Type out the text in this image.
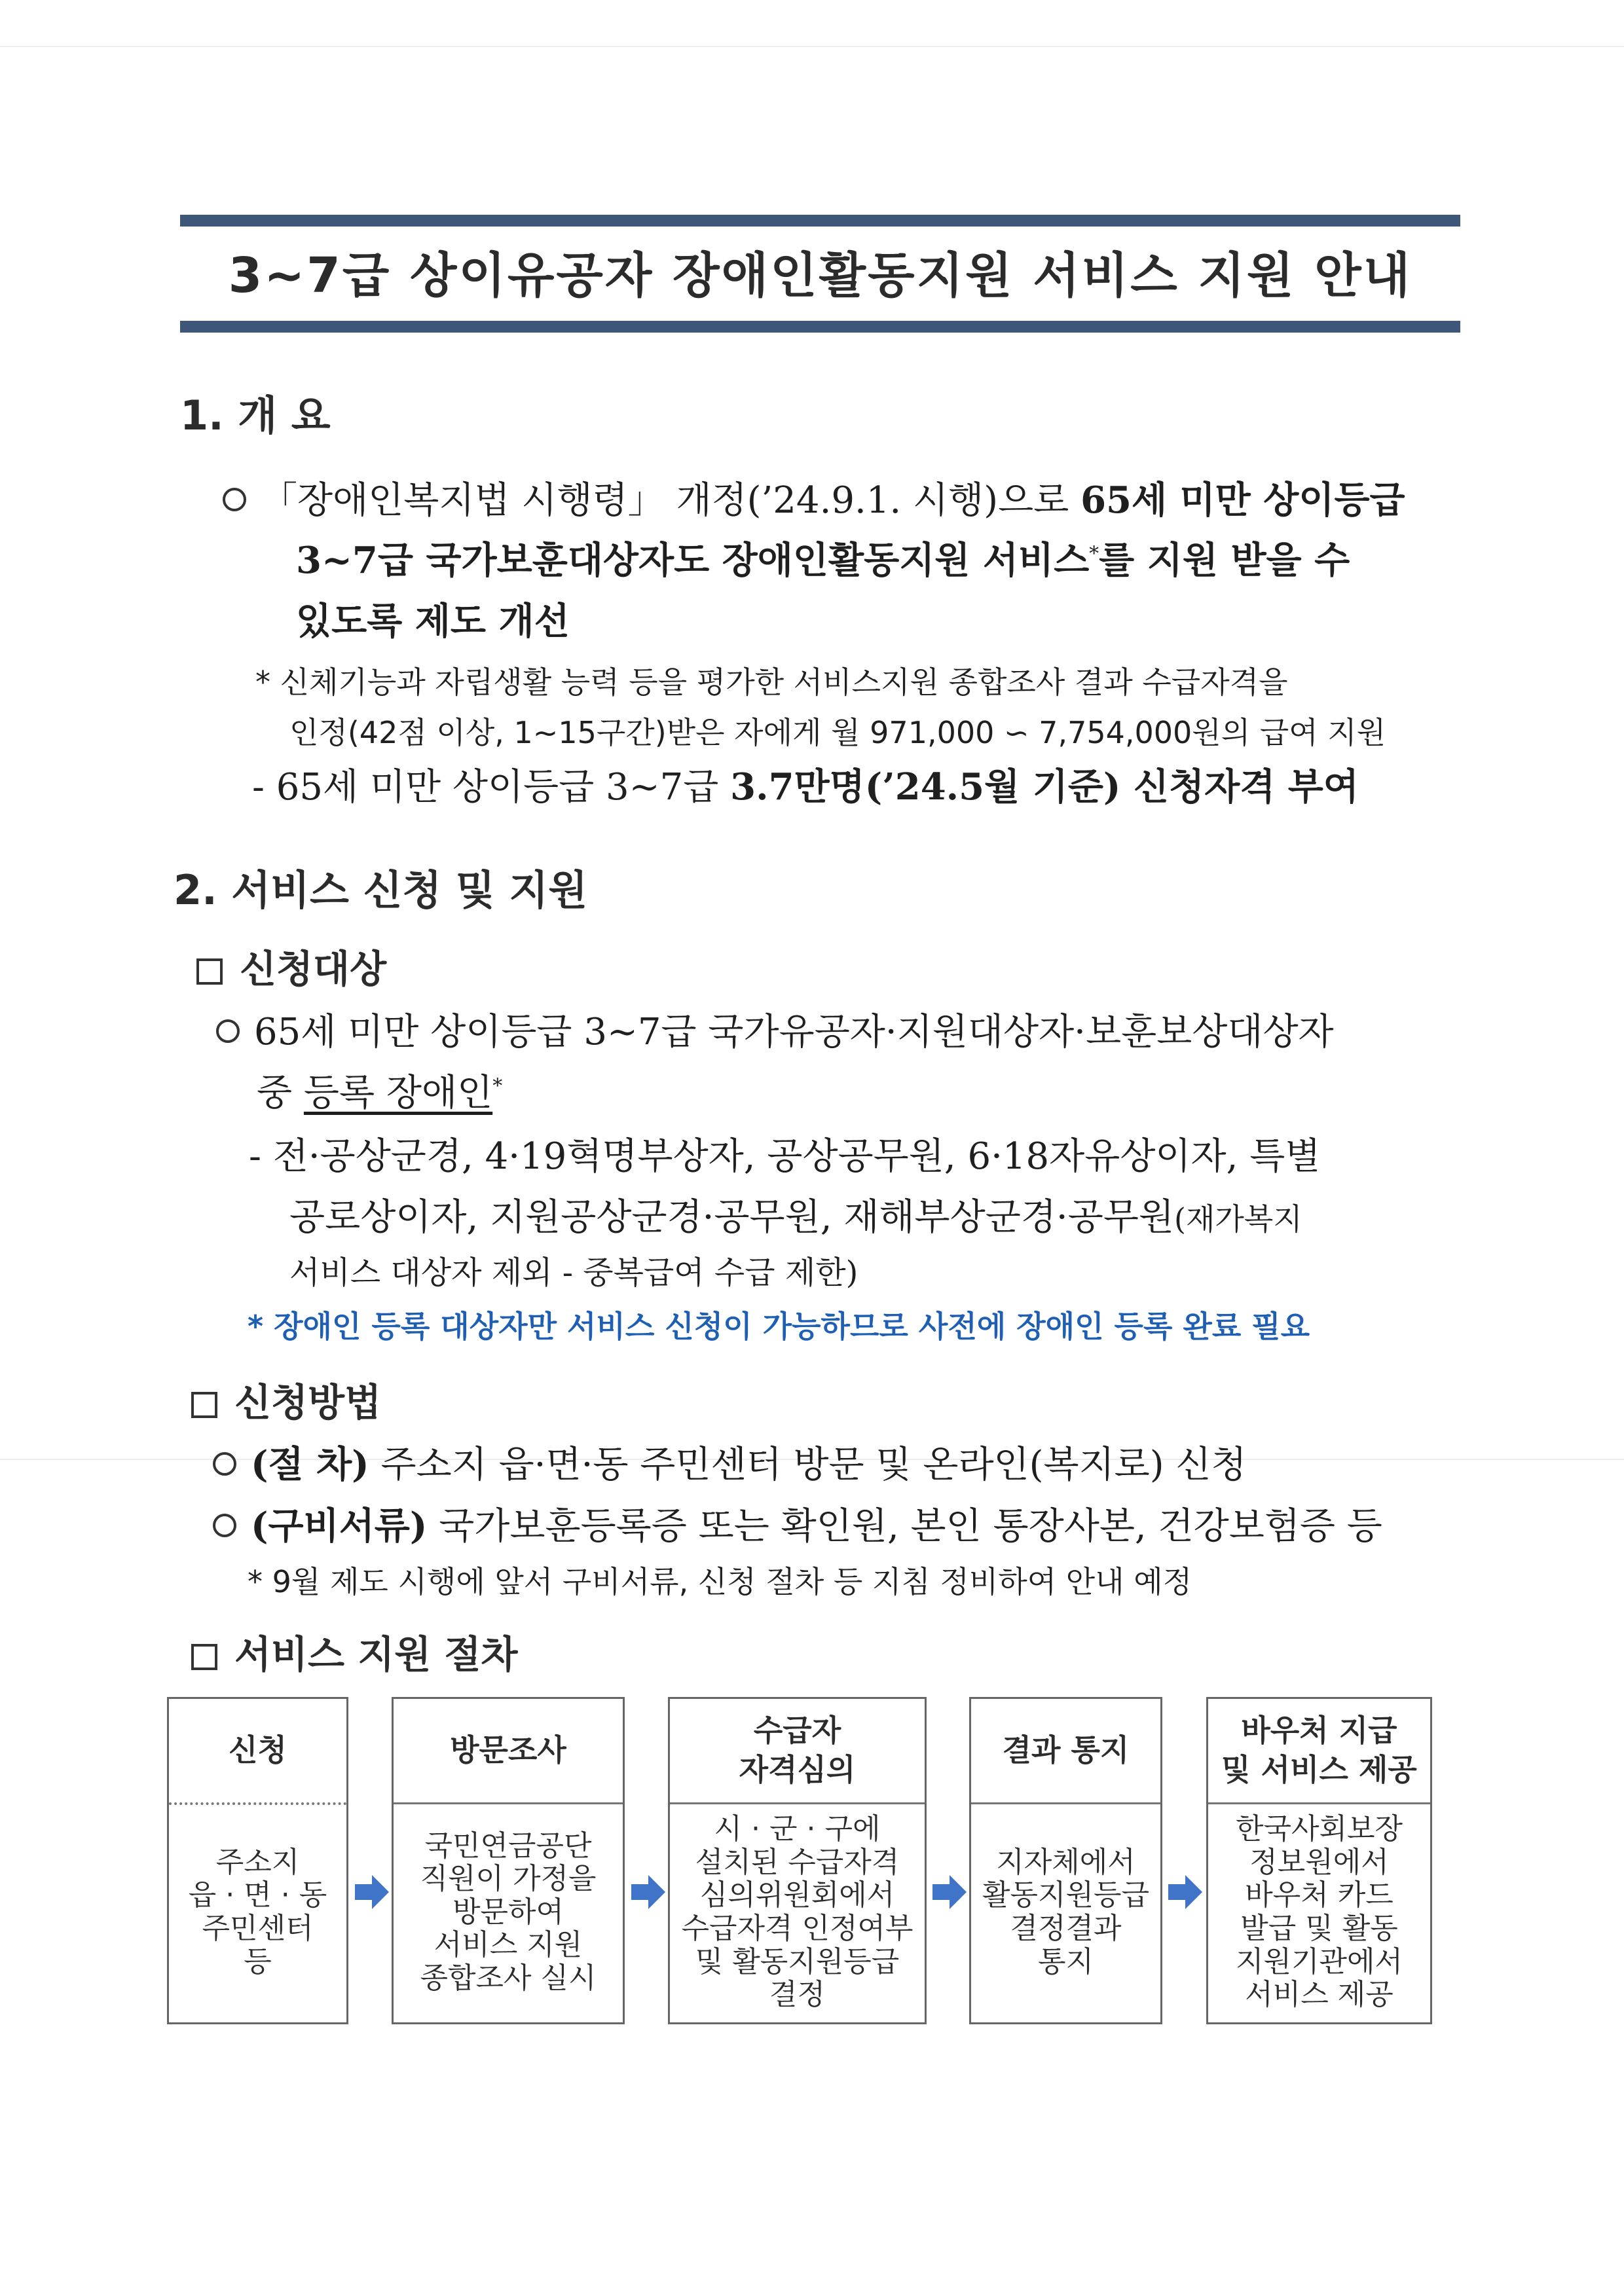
3~7급 상이유공자 장애인활동지원 서비스 지원 안내
1. 개 요
「장애인복지법 시행령」 개정(’24.9.1. 시행)으로 65세 미만 상이등급
3~7급 국가보훈대상자도 장애인활동지원 서비스*를 지원 받을 수
있도록 제도 개선
* 신체기능과 자립생활 능력 등을 평가한 서비스지원 종합조사 결과 수급자격을
인정(42점 이상, 1~15구간)받은 자에게 월 971,000 ∽ 7,754,000원의 급여 지원
- 65세 미만 상이등급 3~7급 3.7만명(’24.5월 기준) 신청자격 부여
2. 서비스 신청 및 지원
신청대상
65세 미만 상이등급 3~7급 국가유공자·지원대상자·보훈보상대상자
중 등록 장애인*
- 전·공상군경, 4·19혁명부상자, 공상공무원, 6·18자유상이자, 특별
공로상이자, 지원공상군경·공무원, 재해부상군경·공무원(재가복지
서비스 대상자 제외 - 중복급여 수급 제한)
* 장애인 등록 대상자만 서비스 신청이 가능하므로 사전에 장애인 등록 완료 필요
신청방법
(절 차) 주소지 읍·면·동 주민센터 방문 및 온라인(복지로) 신청
(구비서류) 국가보훈등록증 또는 확인원, 본인 통장사본, 건강보험증 등
* 9월 제도 시행에 앞서 구비서류, 신청 절차 등 지침 정비하여 안내 예정
서비스 지원 절차
신청
주소지
읍 · 면 · 동
주민센터
등
방문조사
국민연금공단
직원이 가정을
방문하여
서비스 지원
종합조사 실시
수급자
자격심의
시 · 군 · 구에
설치된 수급자격
심의위원회에서
수급자격 인정여부
및 활동지원등급
결정
결과 통지
지자체에서
활동지원등급
결정결과
통지
바우처 지급
및 서비스 제공
한국사회보장
정보원에서
바우처 카드
발급 및 활동
지원기관에서
서비스 제공
